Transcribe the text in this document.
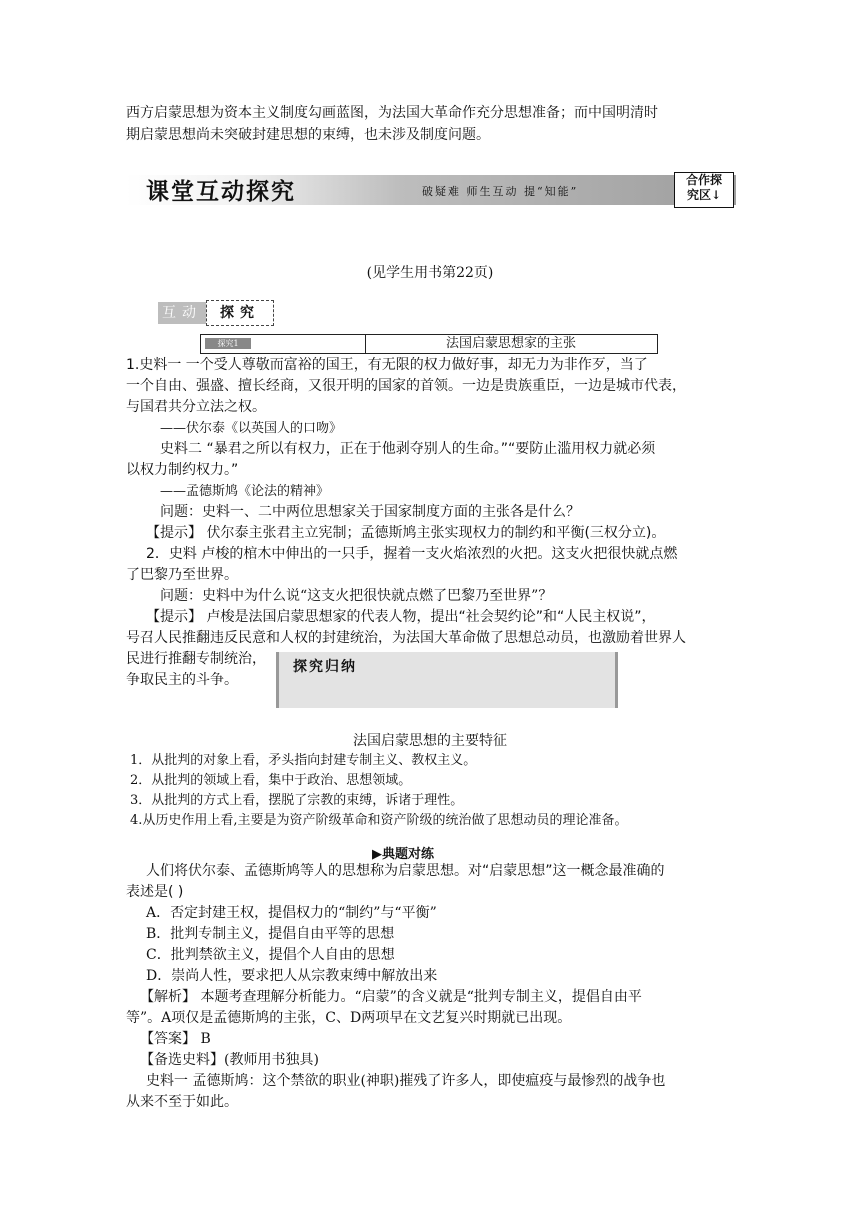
西方启蒙思想为资本主义制度勾画蓝图，为法国大革命作充分思想准备；而中国明清时
期启蒙思想尚未突破封建思想的束缚，也未涉及制度问题。
课堂互动探究	破疑难 师生互动 提“知能”
合作探
究区↓
(见学生用书第22页)
互动	探究
探究1	法国启蒙思想家的主张
1.史料一 一个受人尊敬而富裕的国王，有无限的权力做好事，却无力为非作歹，当了
一个自由、强盛、擅长经商，又很开明的国家的首领。一边是贵族重臣，一边是城市代表，
与国君共分立法之权。
——伏尔泰《以英国人的口吻》
史料二 “暴君之所以有权力，正在于他剥夺别人的生命。”“要防止滥用权力就必须
以权力制约权力。”
——孟德斯鸠《论法的精神》
问题：史料一、二中两位思想家关于国家制度方面的主张各是什么？
【提示】 伏尔泰主张君主立宪制；孟德斯鸠主张实现权力的制约和平衡(三权分立)。
2．史料 卢梭的棺木中伸出的一只手，握着一支火焰浓烈的火把。这支火把很快就点燃
了巴黎乃至世界。
问题：史料中为什么说“这支火把很快就点燃了巴黎乃至世界”？
【提示】 卢梭是法国启蒙思想家的代表人物，提出“社会契约论”和“人民主权说”，
号召人民推翻违反民意和人权的封建统治，为法国大革命做了思想总动员，也激励着世界人
探究归纳
民进行推翻专制统治，争取民主的斗争。
法国启蒙思想的主要特征
1．从批判的对象上看，矛头指向封建专制主义、教权主义。
2．从批判的领域上看，集中于政治、思想领域。
3．从批判的方式上看，摆脱了宗教的束缚，诉诸于理性。
4.从历史作用上看,主要是为资产阶级革命和资产阶级的统治做了思想动员的理论准备。
▶典题对练
人们将伏尔泰、孟德斯鸠等人的思想称为启蒙思想。对“启蒙思想”这一概念最准确的
表述是( )
A．否定封建王权，提倡权力的“制约”与“平衡”
B．批判专制主义，提倡自由平等的思想
C．批判禁欲主义，提倡个人自由的思想
D．崇尚人性，要求把人从宗教束缚中解放出来
【解析】 本题考查理解分析能力。“启蒙”的含义就是“批判专制主义，提倡自由平
等”。A项仅是孟德斯鸠的主张，C、D两项早在文艺复兴时期就已出现。
【答案】 B
【备选史料】(教师用书独具)
史料一 孟德斯鸠：这个禁欲的职业(神职)摧残了许多人，即使瘟疫与最惨烈的战争也
从来不至于如此。
